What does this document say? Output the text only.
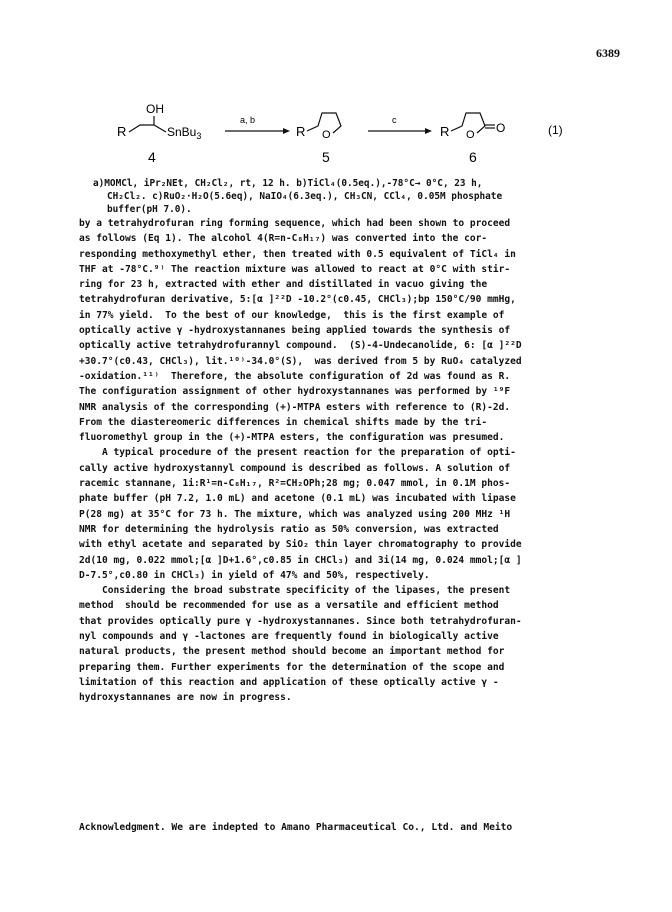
6389
OH
R	SnBu$_3$
4
a, b
R O
5
c
R O O
6
(1)
a)MOMCl, iPr₂NEt, CH₂Cl₂, rt, 12 h. b)TiCl₄(0.5eq.),-78°C→ 0°C, 23 h,
CH₂Cl₂. c)RuO₂·H₂O(5.6eq), NaIO₄(6.3eq.), CH₃CN, CCl₄, 0.05M phosphate
buffer(pH 7.0).
by a tetrahydrofuran ring forming sequence, which had been shown to proceed
as follows (Eq 1). The alcohol 4(R=n-C₈H₁₇) was converted into the cor-
responding methoxymethyl ether, then treated with 0.5 equivalent of TiCl₄ in
THF at -78°C.⁹⁾ The reaction mixture was allowed to react at 0°C with stir-
ring for 23 h, extracted with ether and distillated in vacuo giving the
tetrahydrofuran derivative, 5:[α ]²²D -10.2°(c0.45, CHCl₃);bp 150°C/90 mmHg,
in 77% yield.  To the best of our knowledge,  this is the first example of
optically active γ -hydroxystannanes being applied towards the synthesis of
optically active tetrahydrofurannyl compound.  (S)-4-Undecanolide, 6: [α ]²²D
+30.7°(c0.43, CHCl₃), lit.¹⁰⁾-34.0°(S),  was derived from 5 by RuO₄ catalyzed
-oxidation.¹¹⁾  Therefore, the absolute configuration of 2d was found as R.
The configuration assignment of other hydroxystannanes was performed by ¹⁹F
NMR analysis of the corresponding (+)-MTPA esters with reference to (R)-2d.
From the diastereomeric differences in chemical shifts made by the tri-
fluoromethyl group in the (+)-MTPA esters, the configuration was presumed.
A typical procedure of the present reaction for the preparation of opti-
cally active hydroxystannyl compound is described as follows. A solution of
racemic stannane, 1i:R¹=n-C₈H₁₇, R²=CH₂OPh;28 mg; 0.047 mmol, in 0.1M phos-
phate buffer (pH 7.2, 1.0 mL) and acetone (0.1 mL) was incubated with lipase
P(28 mg) at 35°C for 73 h. The mixture, which was analyzed using 200 MHz ¹H
NMR for determining the hydrolysis ratio as 50% conversion, was extracted
with ethyl acetate and separated by SiO₂ thin layer chromatography to provide
2d(10 mg, 0.022 mmol;[α ]D+1.6°,c0.85 in CHCl₃) and 3i(14 mg, 0.024 mmol;[α ]
D-7.5°,c0.80 in CHCl₃) in yield of 47% and 50%, respectively.
Considering the broad substrate specificity of the lipases, the present
method  should be recommended for use as a versatile and efficient method
that provides optically pure γ -hydroxystannanes. Since both tetrahydrofuran-
nyl compounds and γ -lactones are frequently found in biologically active
natural products, the present method should become an important method for
preparing them. Further experiments for the determination of the scope and
limitation of this reaction and application of these optically active γ -
hydroxystannanes are now in progress.
Acknowledgment. We are indepted to Amano Pharmaceutical Co., Ltd. and Meito
